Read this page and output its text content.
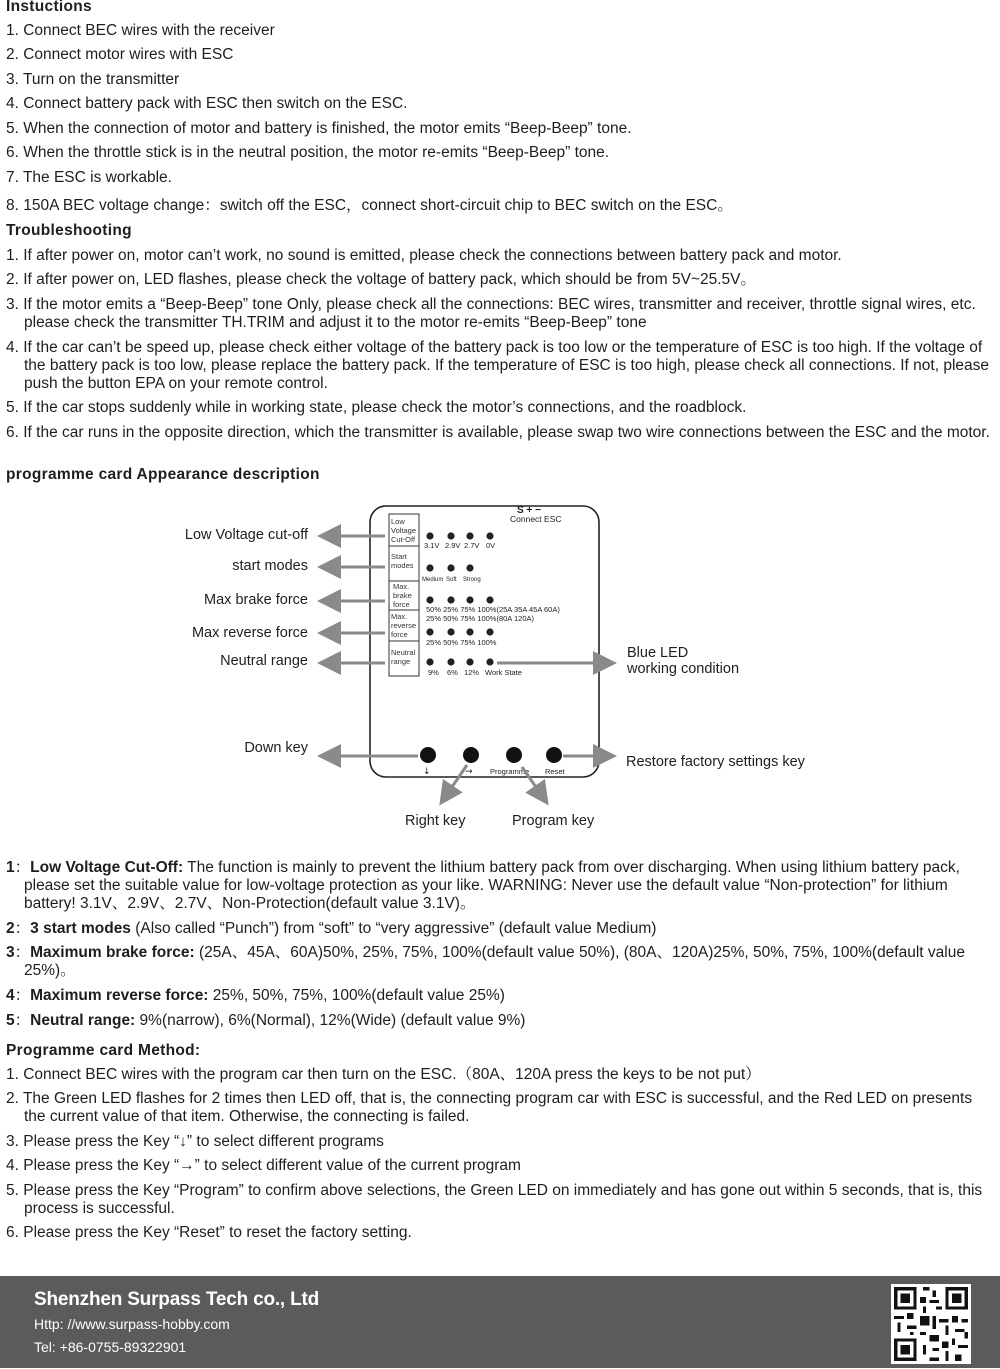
Instuctions
1. Connect BEC wires with the receiver
2. Connect motor wires with ESC
3. Turn on the transmitter
4. Connect battery pack with ESC then switch on the ESC.
5. When the connection of motor and battery is finished, the motor emits “Beep-Beep” tone.
6. When the throttle stick is in the neutral position, the motor re-emits “Beep-Beep” tone.
7. The ESC is workable.
8. 150A BEC voltage change：switch off the ESC，connect short-circuit chip to BEC switch on the ESC。
Troubleshooting
1. If after power on, motor can’t work, no sound is emitted, please check the connections between battery pack and motor.
2. If after power on, LED flashes, please check the voltage of battery pack, which should be from 5V~25.5V。
3. If the motor emits a “Beep-Beep” tone Only, please check all the connections: BEC wires, transmitter and receiver, throttle signal wires, etc. please check the transmitter TH.TRIM and adjust it to the motor re-emits “Beep-Beep” tone
4. If the car can’t be speed up, please check either voltage of the battery pack is too low or the temperature of ESC is too high. If the voltage of the battery pack is too low, please replace the battery pack. If the temperature of ESC is too high, please check all connections. If not, please push the button EPA on your remote control.
5. If the car stops suddenly while in working state, please check the motor’s connections, and the roadblock.
6. If the car runs in the opposite direction, which the transmitter is available, please swap two wire connections between the ESC and the motor.
programme card Appearance description
Low
Voltage
Cut-Off
Start
modes
Max.
brake
force
Max.
reverse
force
Neutral
range
S + −
Connect ESC
3.1V 2.9V 2.7V 0V
Medium Soft Strong
50% 25% 75% 100%(25A 35A 45A 60A)
25% 50% 75% 100%(80A 120A)
25% 50% 75% 100%
9% 6% 12% Work State
↓	→ Programme Reset
Low Voltage cut-off
start modes
Max brake force
Max reverse force
Neutral range
Down key
Blue LED
working condition
Restore factory settings key
Right key	Program key
1：Low Voltage Cut-Off: The function is mainly to prevent the lithium battery pack from over discharging. When using lithium battery pack, please set the suitable value for low-voltage protection as your like. WARNING: Never use the default value “Non-protection” for lithium battery! 3.1V、2.9V、2.7V、Non-Protection(default value 3.1V)。
2：3 start modes (Also called “Punch”) from “soft” to “very aggressive” (default value Medium)
3：Maximum brake force: (25A、45A、60A)50%, 25%, 75%, 100%(default value 50%), (80A、120A)25%, 50%, 75%, 100%(default value 25%)。
4：Maximum reverse force: 25%, 50%, 75%, 100%(default value 25%)
5：Neutral range: 9%(narrow), 6%(Normal), 12%(Wide) (default value 9%)
Programme card Method:
1. Connect BEC wires with the program car then turn on the ESC.（80A、120A press the keys to be not put）
2. The Green LED flashes for 2 times then LED off, that is, the connecting program car with ESC is successful, and the Red LED on presents the current value of that item. Otherwise, the connecting is failed.
3. Please press the Key “↓” to select different programs
4. Please press the Key “→” to select different value of the current program
5. Please press the Key “Program” to confirm above selections, the Green LED on immediately and has gone out within 5 seconds, that is, this process is successful.
6. Please press the Key “Reset” to reset the factory setting.
Shenzhen Surpass Tech co., Ltd
Http: //www.surpass-hobby.com
Tel: +86-0755-89322901
